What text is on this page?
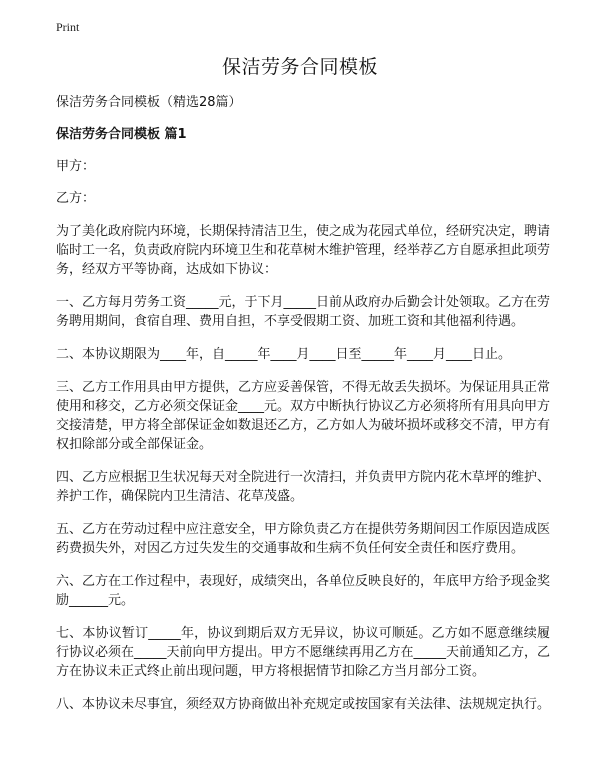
Print
保洁劳务合同模板
保洁劳务合同模板（精选28篇）
保洁劳务合同模板 篇1
甲方：
乙方：
为了美化政府院内环境，长期保持清洁卫生，使之成为花园式单位，经研究决定，聘请临时工一名，负责政府院内环境卫生和花草树木维护管理，经举荐乙方自愿承担此项劳务，经双方平等协商，达成如下协议：
一、乙方每月劳务工资_____元，于下月_____日前从政府办后勤会计处领取。乙方在劳务聘用期间，食宿自理、费用自担，不享受假期工资、加班工资和其他福利待遇。
二、本协议期限为____年，自_____年____月____日至_____年____月____日止。
三、乙方工作用具由甲方提供，乙方应妥善保管，不得无故丢失损坏。为保证用具正常使用和移交，乙方必须交保证金____元。双方中断执行协议乙方必须将所有用具向甲方交接清楚，甲方将全部保证金如数退还乙方，乙方如人为破坏损坏或移交不清，甲方有权扣除部分或全部保证金。
四、乙方应根据卫生状况每天对全院进行一次清扫，并负责甲方院内花木草坪的维护、养护工作，确保院内卫生清洁、花草茂盛。
五、乙方在劳动过程中应注意安全，甲方除负责乙方在提供劳务期间因工作原因造成医药费损失外，对因乙方过失发生的交通事故和生病不负任何安全责任和医疗费用。
六、乙方在工作过程中，表现好，成绩突出，各单位反映良好的，年底甲方给予现金奖励______元。
七、本协议暂订_____年，协议到期后双方无异议，协议可顺延。乙方如不愿意继续履行协议必须在_____天前向甲方提出。甲方不愿继续再用乙方在_____天前通知乙方，乙方在协议未正式终止前出现问题，甲方将根据情节扣除乙方当月部分工资。
八、本协议未尽事宜，须经双方协商做出补充规定或按国家有关法律、法规规定执行。
